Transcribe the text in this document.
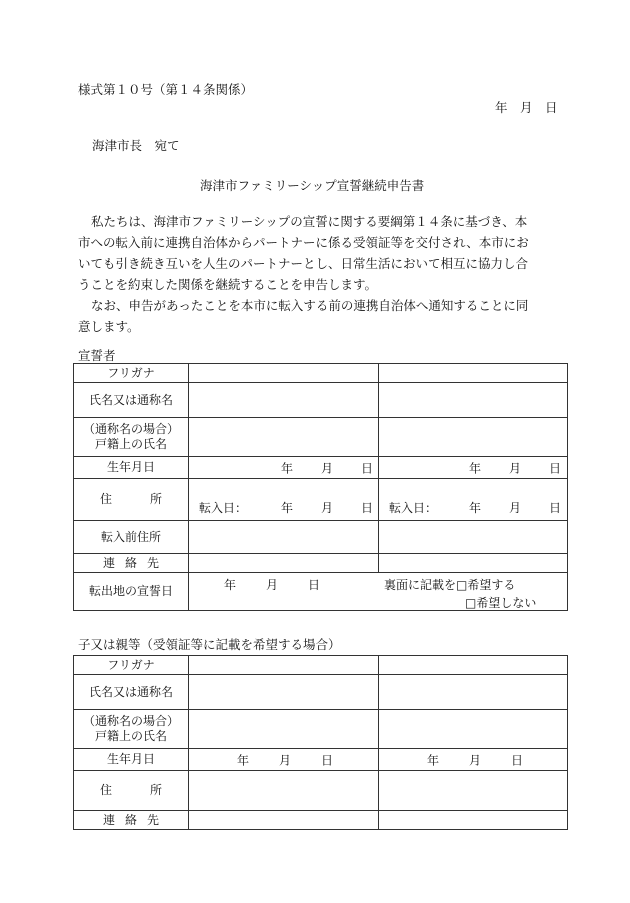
様式第１０号（第１４条関係）
年　月　日
海津市長　宛て
海津市ファミリーシップ宣誓継続申告書
私たちは、海津市ファミリーシップの宣誓に関する要綱第１４条に基づき、本
市への転入前に連携自治体からパートナーに係る受領証等を交付され、本市にお
いても引き続き互いを人生のパートナーとし、日常生活において相互に協力し合
うことを約束した関係を継続することを申告します。
なお、申告があったことを本市に転入する前の連携自治体へ通知することに同
意します。
宣誓者
フリガナ		
氏名又は通称名		

（通称名の場合）
戸籍上の氏名		

生年月日	年 月 日	年 月 日

住 所	転入日： 年 月 日	転入日： 年 月 日

転入前住所		
連 絡 先		
転出地の宣誓日	年 月 日 裏面に記載を□希望する
□希望しない	
子又は親等（受領証等に記載を希望する場合）
フリガナ		
氏名又は通称名		

（通称名の場合）
戸籍上の氏名		

生年月日	年 月 日	年 月 日

住 所		
連 絡 先		
